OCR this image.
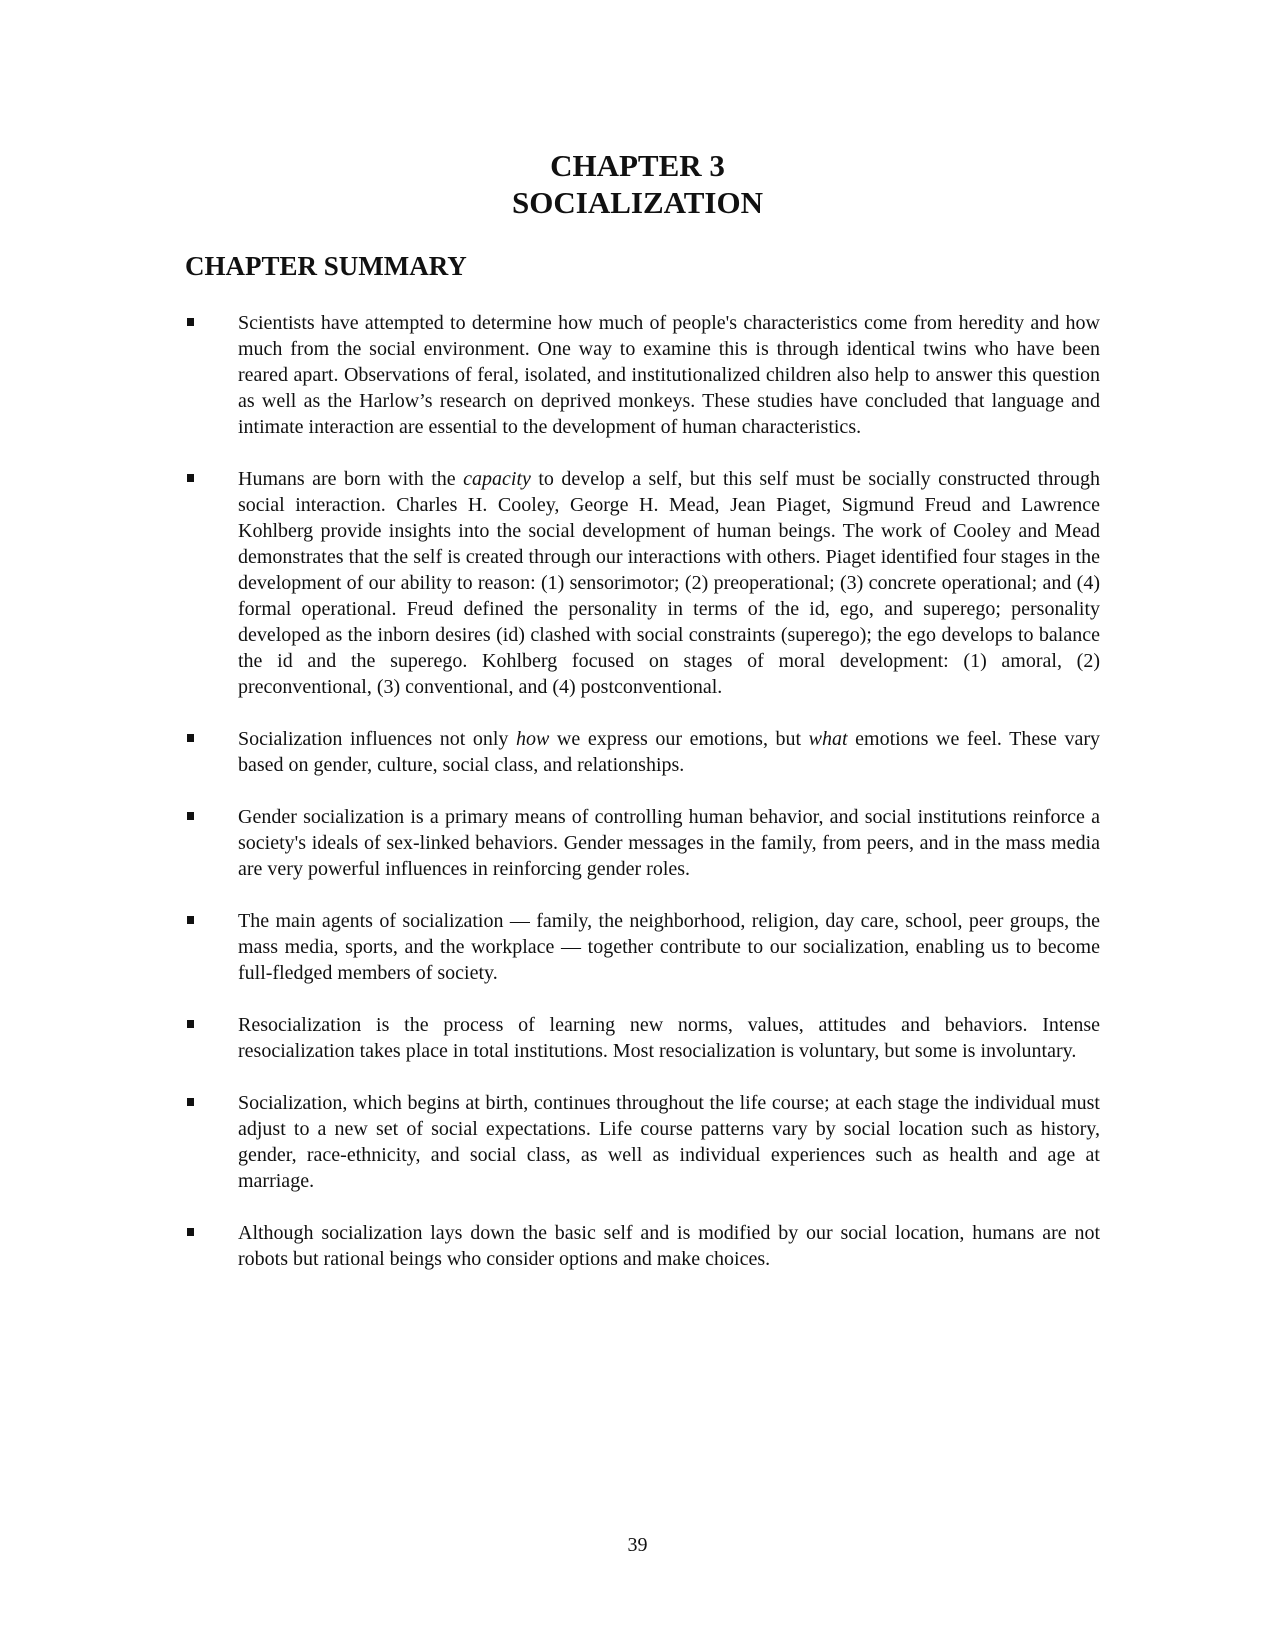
CHAPTER 3
SOCIALIZATION
CHAPTER SUMMARY
Scientists have attempted to determine how much of people's characteristics come from heredity and how much from the social environment. One way to examine this is through identical twins who have been reared apart. Observations of feral, isolated, and institutionalized children also help to answer this question as well as the Harlow’s research on deprived monkeys. These studies have concluded that language and intimate interaction are essential to the development of human characteristics.
Humans are born with the capacity to develop a self, but this self must be socially constructed through social interaction. Charles H. Cooley, George H. Mead, Jean Piaget, Sigmund Freud and Lawrence Kohlberg provide insights into the social development of human beings. The work of Cooley and Mead demonstrates that the self is created through our interactions with others. Piaget identified four stages in the development of our ability to reason: (1) sensorimotor; (2) preoperational; (3) concrete operational; and (4) formal operational. Freud defined the personality in terms of the id, ego, and superego; personality developed as the inborn desires (id) clashed with social constraints (superego); the ego develops to balance the id and the superego. Kohlberg focused on stages of moral development: (1) amoral, (2) preconventional, (3) conventional, and (4) postconventional.
Socialization influences not only how we express our emotions, but what emotions we feel. These vary based on gender, culture, social class, and relationships.
Gender socialization is a primary means of controlling human behavior, and social institutions reinforce a society's ideals of sex-linked behaviors. Gender messages in the family, from peers, and in the mass media are very powerful influences in reinforcing gender roles.
The main agents of socialization — family, the neighborhood, religion, day care, school, peer groups, the mass media, sports, and the workplace — together contribute to our socialization, enabling us to become full-fledged members of society.
Resocialization is the process of learning new norms, values, attitudes and behaviors. Intense resocialization takes place in total institutions. Most resocialization is voluntary, but some is involuntary.
Socialization, which begins at birth, continues throughout the life course; at each stage the individual must adjust to a new set of social expectations. Life course patterns vary by social location such as history, gender, race-ethnicity, and social class, as well as individual experiences such as health and age at marriage.
Although socialization lays down the basic self and is modified by our social location, humans are not robots but rational beings who consider options and make choices.
39
